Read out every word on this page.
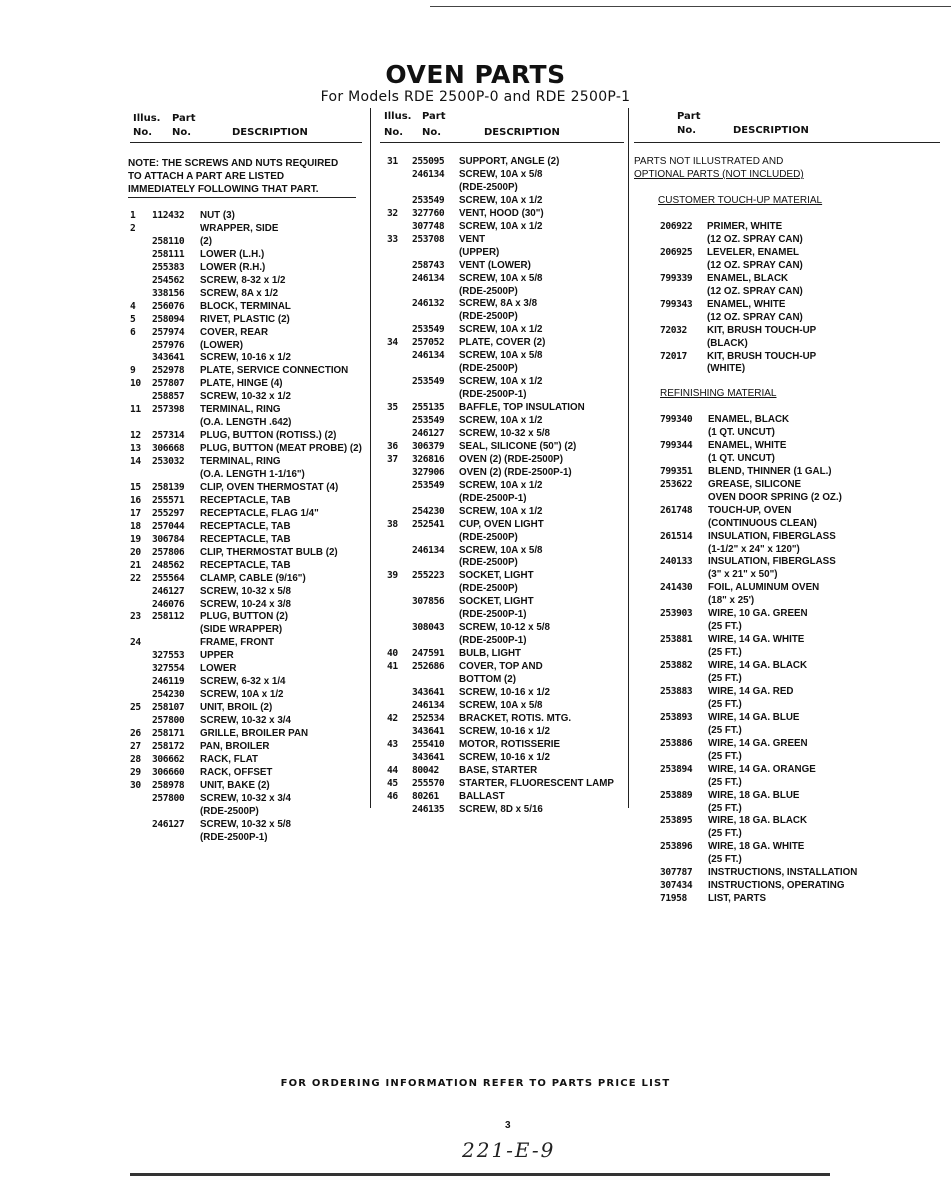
OVEN PARTS
For Models RDE 2500P-0 and RDE 2500P-1
Illus. Part
No. No.	DESCRIPTION
Illus. Part
No. No.	DESCRIPTION
Part
No.	DESCRIPTION
NOTE: THE SCREWS AND NUTS REQUIRED
TO ATTACH A PART ARE LISTED
IMMEDIATELY FOLLOWING THAT PART.
1 112432 NUT (3)
2	WRAPPER, SIDE
258110 (2)
258111 LOWER (L.H.)
255383 LOWER (R.H.)
254562 SCREW, 8-32 x 1/2
338156 SCREW, 8A x 1/2
4 256076 BLOCK, TERMINAL
5 258094 RIVET, PLASTIC (2)
6 257974 COVER, REAR
257976 (LOWER)
343641 SCREW, 10-16 x 1/2
9 252978 PLATE, SERVICE CONNECTION
10 257807 PLATE, HINGE (4)
258857 SCREW, 10-32 x 1/2
11 257398 TERMINAL, RING
(O.A. LENGTH .642)
12 257314 PLUG, BUTTON (ROTISS.) (2)
13 306668 PLUG, BUTTON (MEAT PROBE) (2)
14 253032 TERMINAL, RING
(O.A. LENGTH 1-1/16")
15 258139 CLIP, OVEN THERMOSTAT (4)
16 255571 RECEPTACLE, TAB
17 255297 RECEPTACLE, FLAG 1/4"
18 257044 RECEPTACLE, TAB
19 306784 RECEPTACLE, TAB
20 257806 CLIP, THERMOSTAT BULB (2)
21 248562 RECEPTACLE, TAB
22 255564 CLAMP, CABLE (9/16")
246127 SCREW, 10-32 x 5/8
246076 SCREW, 10-24 x 3/8
23 258112 PLUG, BUTTON (2)
(SIDE WRAPPER)
24	FRAME, FRONT
327553 UPPER
327554 LOWER
246119 SCREW, 6-32 x 1/4
254230 SCREW, 10A x 1/2
25 258107 UNIT, BROIL (2)
257800 SCREW, 10-32 x 3/4
26 258171 GRILLE, BROILER PAN
27 258172 PAN, BROILER
28 306662 RACK, FLAT
29 306660 RACK, OFFSET
30 258978 UNIT, BAKE (2)
257800 SCREW, 10-32 x 3/4
(RDE-2500P)
246127 SCREW, 10-32 x 5/8
(RDE-2500P-1)
31 255095 SUPPORT, ANGLE (2)
246134 SCREW, 10A x 5/8
(RDE-2500P)
253549 SCREW, 10A x 1/2
32 327760 VENT, HOOD (30")
307748 SCREW, 10A x 1/2
33 253708 VENT
(UPPER)
258743 VENT (LOWER)
246134 SCREW, 10A x 5/8
(RDE-2500P)
246132 SCREW, 8A x 3/8
(RDE-2500P)
253549 SCREW, 10A x 1/2
34 257052 PLATE, COVER (2)
246134 SCREW, 10A x 5/8
(RDE-2500P)
253549 SCREW, 10A x 1/2
(RDE-2500P-1)
35 255135 BAFFLE, TOP INSULATION
253549 SCREW, 10A x 1/2
246127 SCREW, 10-32 x 5/8
36 306379 SEAL, SILICONE (50") (2)
37 326816 OVEN (2) (RDE-2500P)
327906 OVEN (2) (RDE-2500P-1)
253549 SCREW, 10A x 1/2
(RDE-2500P-1)
254230 SCREW, 10A x 1/2
38 252541 CUP, OVEN LIGHT
(RDE-2500P)
246134 SCREW, 10A x 5/8
(RDE-2500P)
39 255223 SOCKET, LIGHT
(RDE-2500P)
307856 SOCKET, LIGHT
(RDE-2500P-1)
308043 SCREW, 10-12 x 5/8
(RDE-2500P-1)
40 247591 BULB, LIGHT
41 252686 COVER, TOP AND
BOTTOM (2)
343641 SCREW, 10-16 x 1/2
246134 SCREW, 10A x 5/8
42 252534 BRACKET, ROTIS. MTG.
343641 SCREW, 10-16 x 1/2
43 255410 MOTOR, ROTISSERIE
343641 SCREW, 10-16 x 1/2
44 80042 BASE, STARTER
45 255570 STARTER, FLUORESCENT LAMP
46 80261 BALLAST
246135 SCREW, 8D x 5/16
PARTS NOT ILLUSTRATED AND
OPTIONAL PARTS (NOT INCLUDED)
CUSTOMER TOUCH-UP MATERIAL
206922 PRIMER, WHITE
(12 OZ. SPRAY CAN)
206925 LEVELER, ENAMEL
(12 OZ. SPRAY CAN)
799339 ENAMEL, BLACK
(12 OZ. SPRAY CAN)
799343 ENAMEL, WHITE
(12 OZ. SPRAY CAN)
72032 KIT, BRUSH TOUCH-UP
(BLACK)
72017 KIT, BRUSH TOUCH-UP
(WHITE)
REFINISHING MATERIAL
799340 ENAMEL, BLACK
(1 QT. UNCUT)
799344 ENAMEL, WHITE
(1 QT. UNCUT)
799351 BLEND, THINNER (1 GAL.)
253622 GREASE, SILICONE
OVEN DOOR SPRING (2 OZ.)
261748 TOUCH-UP, OVEN
(CONTINUOUS CLEAN)
261514 INSULATION, FIBERGLASS
(1-1/2" x 24" x 120")
240133 INSULATION, FIBERGLASS
(3" x 21" x 50")
241430 FOIL, ALUMINUM OVEN
(18" x 25')
253903 WIRE, 10 GA. GREEN
(25 FT.)
253881 WIRE, 14 GA. WHITE
(25 FT.)
253882 WIRE, 14 GA. BLACK
(25 FT.)
253883 WIRE, 14 GA. RED
(25 FT.)
253893 WIRE, 14 GA. BLUE
(25 FT.)
253886 WIRE, 14 GA. GREEN
(25 FT.)
253894 WIRE, 14 GA. ORANGE
(25 FT.)
253889 WIRE, 18 GA. BLUE
(25 FT.)
253895 WIRE, 18 GA. BLACK
(25 FT.)
253896 WIRE, 18 GA. WHITE
(25 FT.)
307787 INSTRUCTIONS, INSTALLATION
307434 INSTRUCTIONS, OPERATING
71958 LIST, PARTS
FOR ORDERING INFORMATION REFER TO PARTS PRICE LIST
3
221-E-9
